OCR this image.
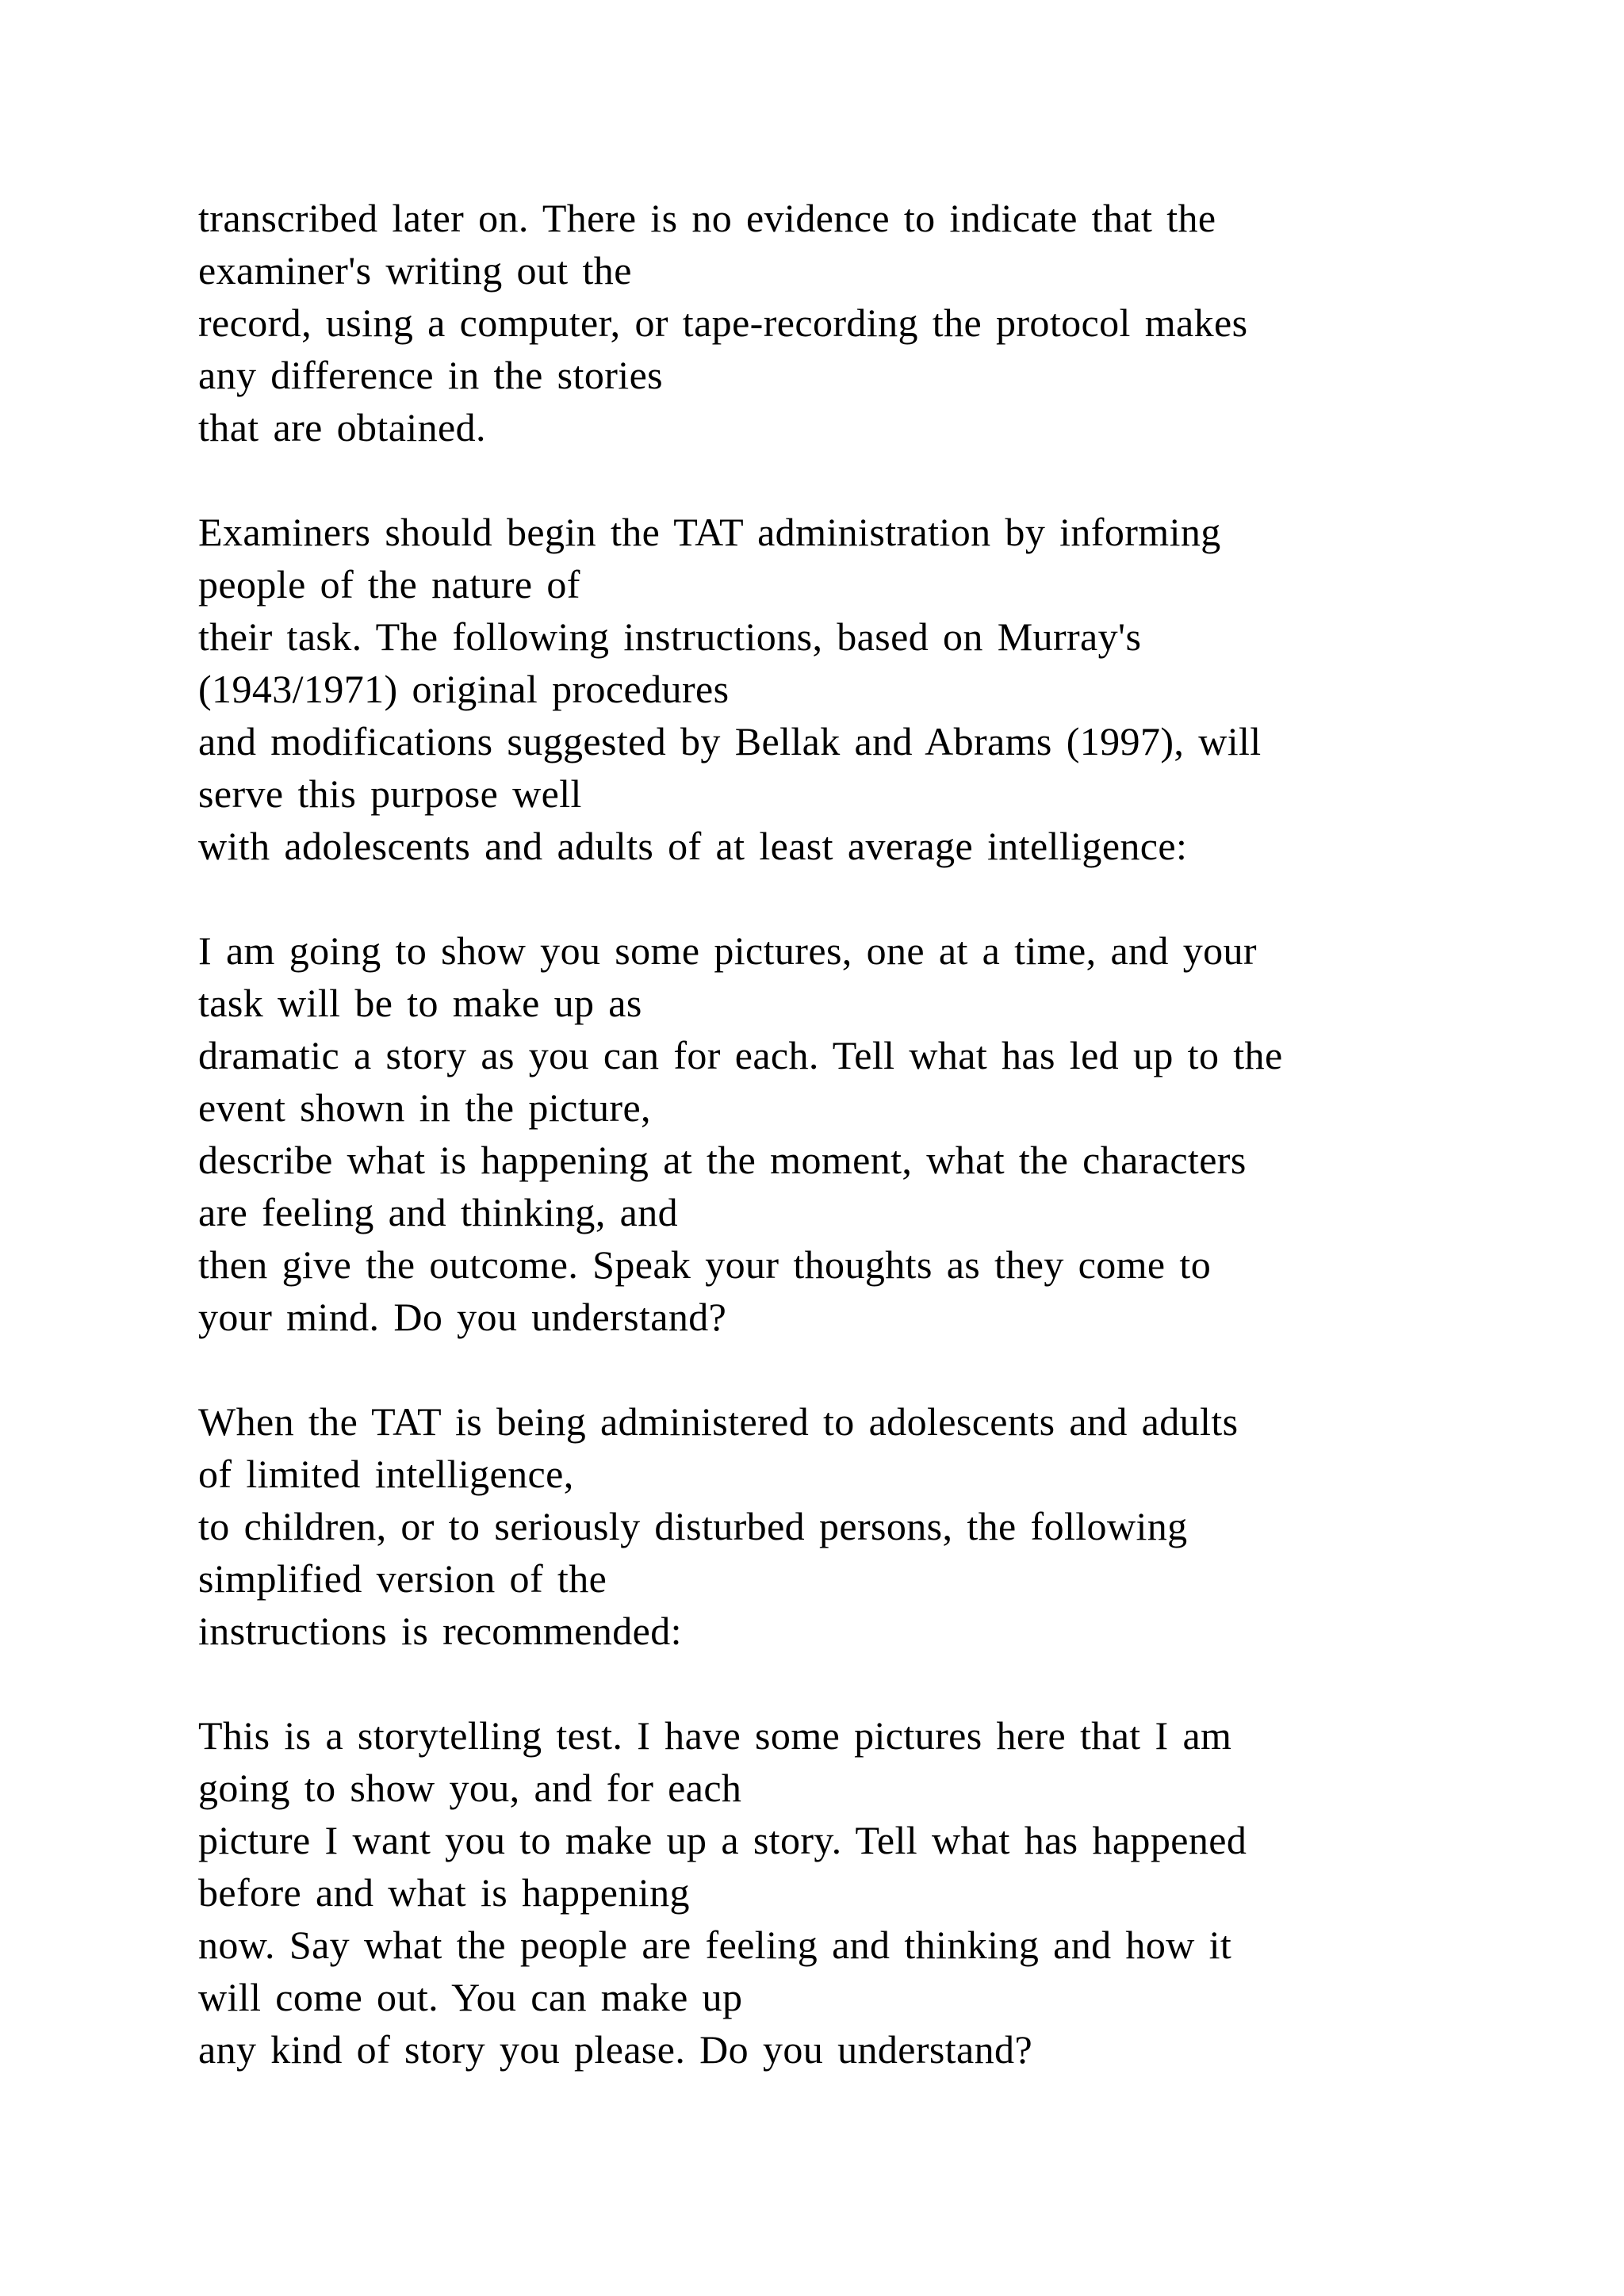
transcribed later on. There is no evidence to indicate that the
examiner's writing out the
record, using a computer, or tape-recording the protocol makes
any difference in the stories
that are obtained.

Examiners should begin the TAT administration by informing
people of the nature of
their task. The following instructions, based on Murray's
(1943/1971) original procedures
and modifications suggested by Bellak and Abrams (1997), will
serve this purpose well
with adolescents and adults of at least average intelligence:

I am going to show you some pictures, one at a time, and your
task will be to make up as
dramatic a story as you can for each. Tell what has led up to the
event shown in the picture,
describe what is happening at the moment, what the characters
are feeling and thinking, and
then give the outcome. Speak your thoughts as they come to
your mind. Do you understand?

When the TAT is being administered to adolescents and adults
of limited intelligence,
to children, or to seriously disturbed persons, the following
simplified version of the
instructions is recommended:

This is a storytelling test. I have some pictures here that I am
going to show you, and for each
picture I want you to make up a story. Tell what has happened
before and what is happening
now. Say what the people are feeling and thinking and how it
will come out. You can make up
any kind of story you please. Do you understand?
